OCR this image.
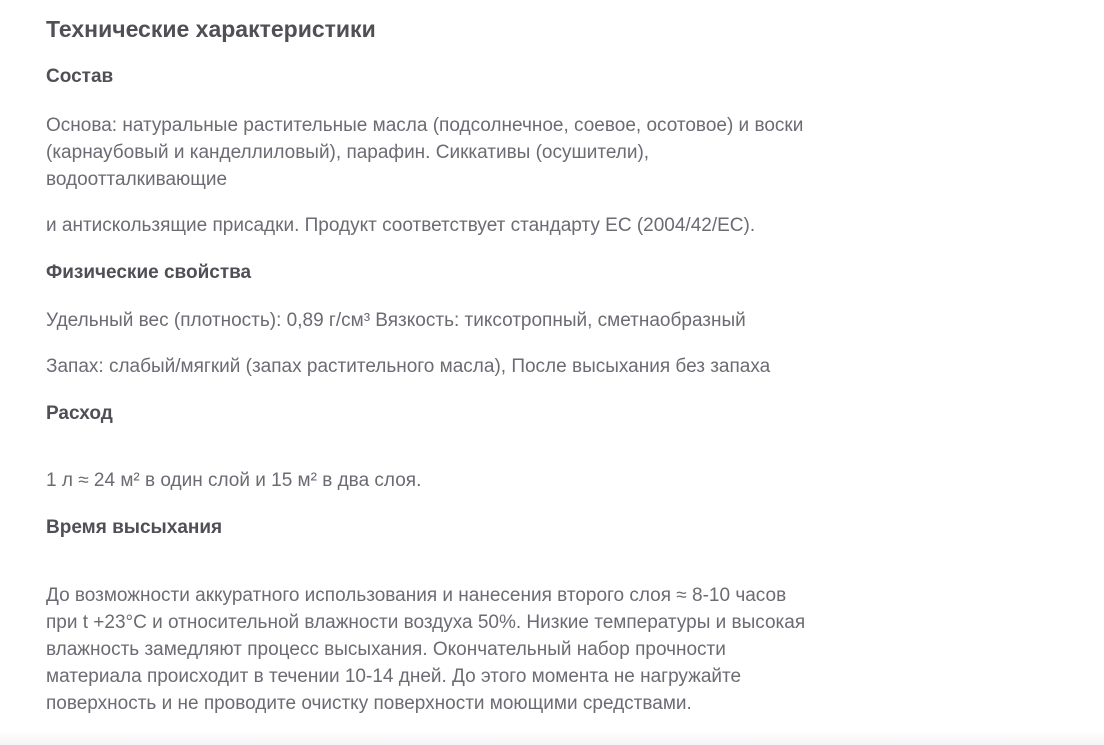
Технические характеристики
Состав

Основа: натуральные растительные масла (подсолнечное, соевое, осотовое) и воски
(карнаубовый и канделлиловый), парафин. Сиккативы (осушители),
водоотталкивающие

и антискользящие присадки. Продукт соответствует стандарту ЕС (2004/42/ЕС).

Физические свойства

Удельный вес (плотность): 0,89 г/см³ Вязкость: тиксотропный, сметнаобразный

Запах: слабый/мягкий (запах растительного масла), После высыхания без запаха

Расход

1 л ≈ 24 м² в один слой и 15 м² в два слоя.

Время высыхания

До возможности аккуратного использования и нанесения второго слоя ≈ 8-10 часов
при t +23°С и относительной влажности воздуха 50%. Низкие температуры и высокая
влажность замедляют процесс высыхания. Окончательный набор прочности
материала происходит в течении 10-14 дней. До этого момента не нагружайте
поверхность и не проводите очистку поверхности моющими средствами.
